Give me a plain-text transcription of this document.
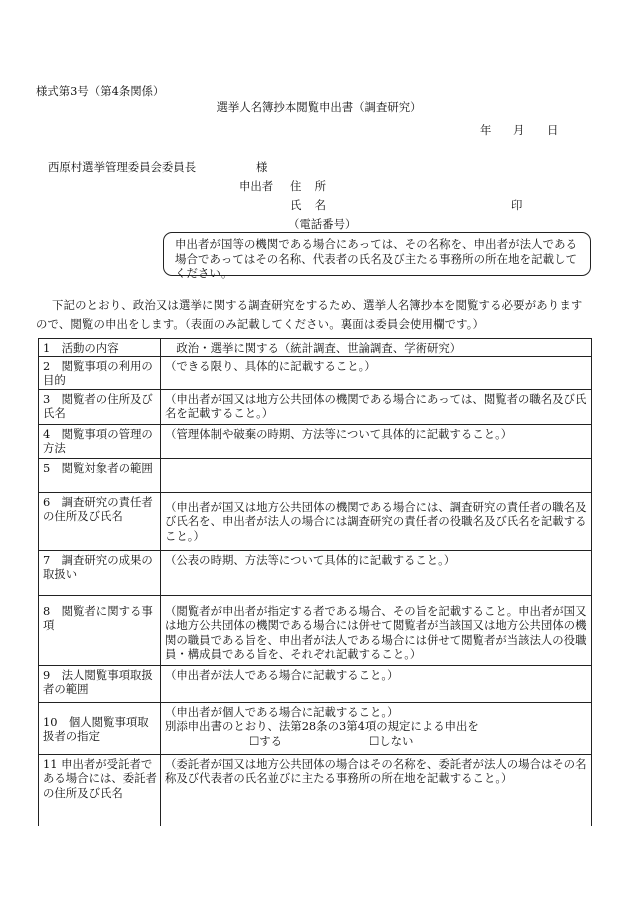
様式第3号（第4条関係）
選挙人名簿抄本閲覧申出書（調査研究）
年 月 日
西原村選挙管理委員会委員長	様
申出者 住 所
氏 名	印
（電話番号）
申出者が国等の機関である場合にあっては、その名称を、申出者が法人である場合であってはその名称、代表者の氏名及び主たる事務所の所在地を記載してください。
下記のとおり、政治又は選挙に関する調査研究をするため、選挙人名簿抄本を閲覧する必要がありますので、閲覧の申出をします。（表面のみ記載してください。裏面は委員会使用欄です。）
1　活動の内容	　政治・選挙に関する（統計調査、世論調査、学術研究）
2　閲覧事項の利用の目的	（できる限り、具体的に記載すること。）
3　閲覧者の住所及び氏名	（申出者が国又は地方公共団体の機関である場合にあっては、閲覧者の職名及び氏名を記載すること。）
4　閲覧事項の管理の方法	（管理体制や破棄の時期、方法等について具体的に記載すること。）
5　閲覧対象者の範囲	
6　調査研究の責任者の住所及び氏名	（申出者が国又は地方公共団体の機関である場合には、調査研究の責任者の職名及び氏名を、申出者が法人の場合には調査研究の責任者の役職名及び氏名を記載すること。）
7　調査研究の成果の取扱い	（公表の時期、方法等について具体的に記載すること。）
8　閲覧者に関する事項	（閲覧者が申出者が指定する者である場合、その旨を記載すること。申出者が国又は地方公共団体の機関である場合には併せて閲覧者が当該国又は地方公共団体の機関の職員である旨を、申出者が法人である場合には併せて閲覧者が当該法人の役職員・構成員である旨を、それぞれ記載すること。）
9　法人閲覧事項取扱者の範囲	（申出者が法人である場合に記載すること。）
10　個人閲覧事項取扱者の指定	（申出者が個人である場合に記載すること。）
別添申出書のとおり、法第28条の3第4項の規定による申出を
☐する ☐しない

11 申出者が受託者である場合には、委託者の住所及び氏名	（委託者が国又は地方公共団体の場合はその名称を、委託者が法人の場合はその名称及び代表者の氏名並びに主たる事務所の所在地を記載すること。）
